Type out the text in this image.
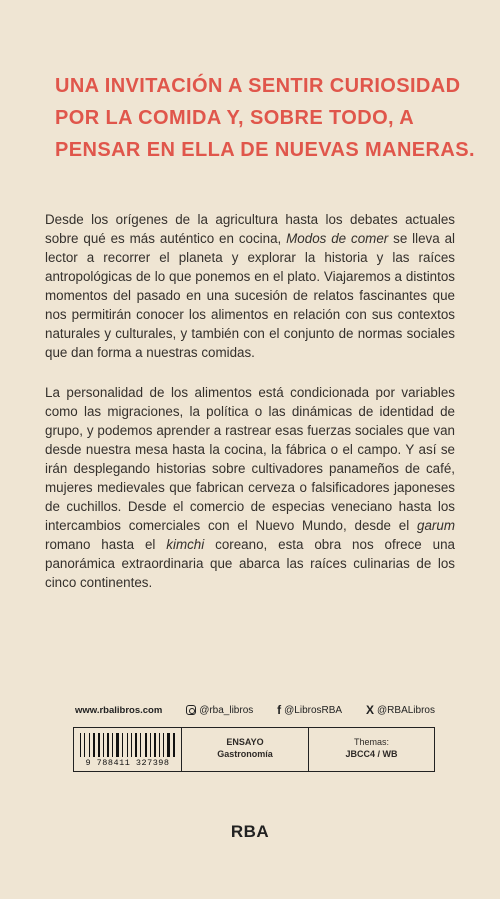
UNA INVITACIÓN A SENTIR CURIOSIDAD
POR LA COMIDA Y, SOBRE TODO, A
PENSAR EN ELLA DE NUEVAS MANERAS.

Desde los orígenes de la agricultura hasta los debates actuales sobre qué es más auténtico en cocina, Modos de comer se lleva al lector a recorrer el planeta y explorar la historia y las raíces antropológicas de lo que ponemos en el plato. Viajaremos a distintos momentos del pasado en una sucesión de relatos fascinantes que nos permitirán conocer los alimentos en relación con sus contextos naturales y culturales, y también con el conjunto de normas sociales que dan forma a nuestras comidas.

La personalidad de los alimentos está condicionada por variables como las migraciones, la política o las dinámicas de identidad de grupo, y podemos aprender a rastrear esas fuerzas sociales que van desde nuestra mesa hasta la cocina, la fábrica o el campo. Y así se irán desplegando historias sobre cultivadores panameños de café, mujeres medievales que fabrican cerveza o falsificadores japoneses de cuchillos. Desde el comercio de especias veneciano hasta los intercambios comerciales con el Nuevo Mundo, desde el garum romano hasta el kimchi coreano, esta obra nos ofrece una panorámica extraordinaria que abarca las raíces culinarias de los cinco continentes.

www.rbalibros.com	@rba_libros f @LibrosRBA X @RBALibros
9 788411 327398
ENSAYO
Gastronomía
Themas:
JBCC4 / WB
RBA
